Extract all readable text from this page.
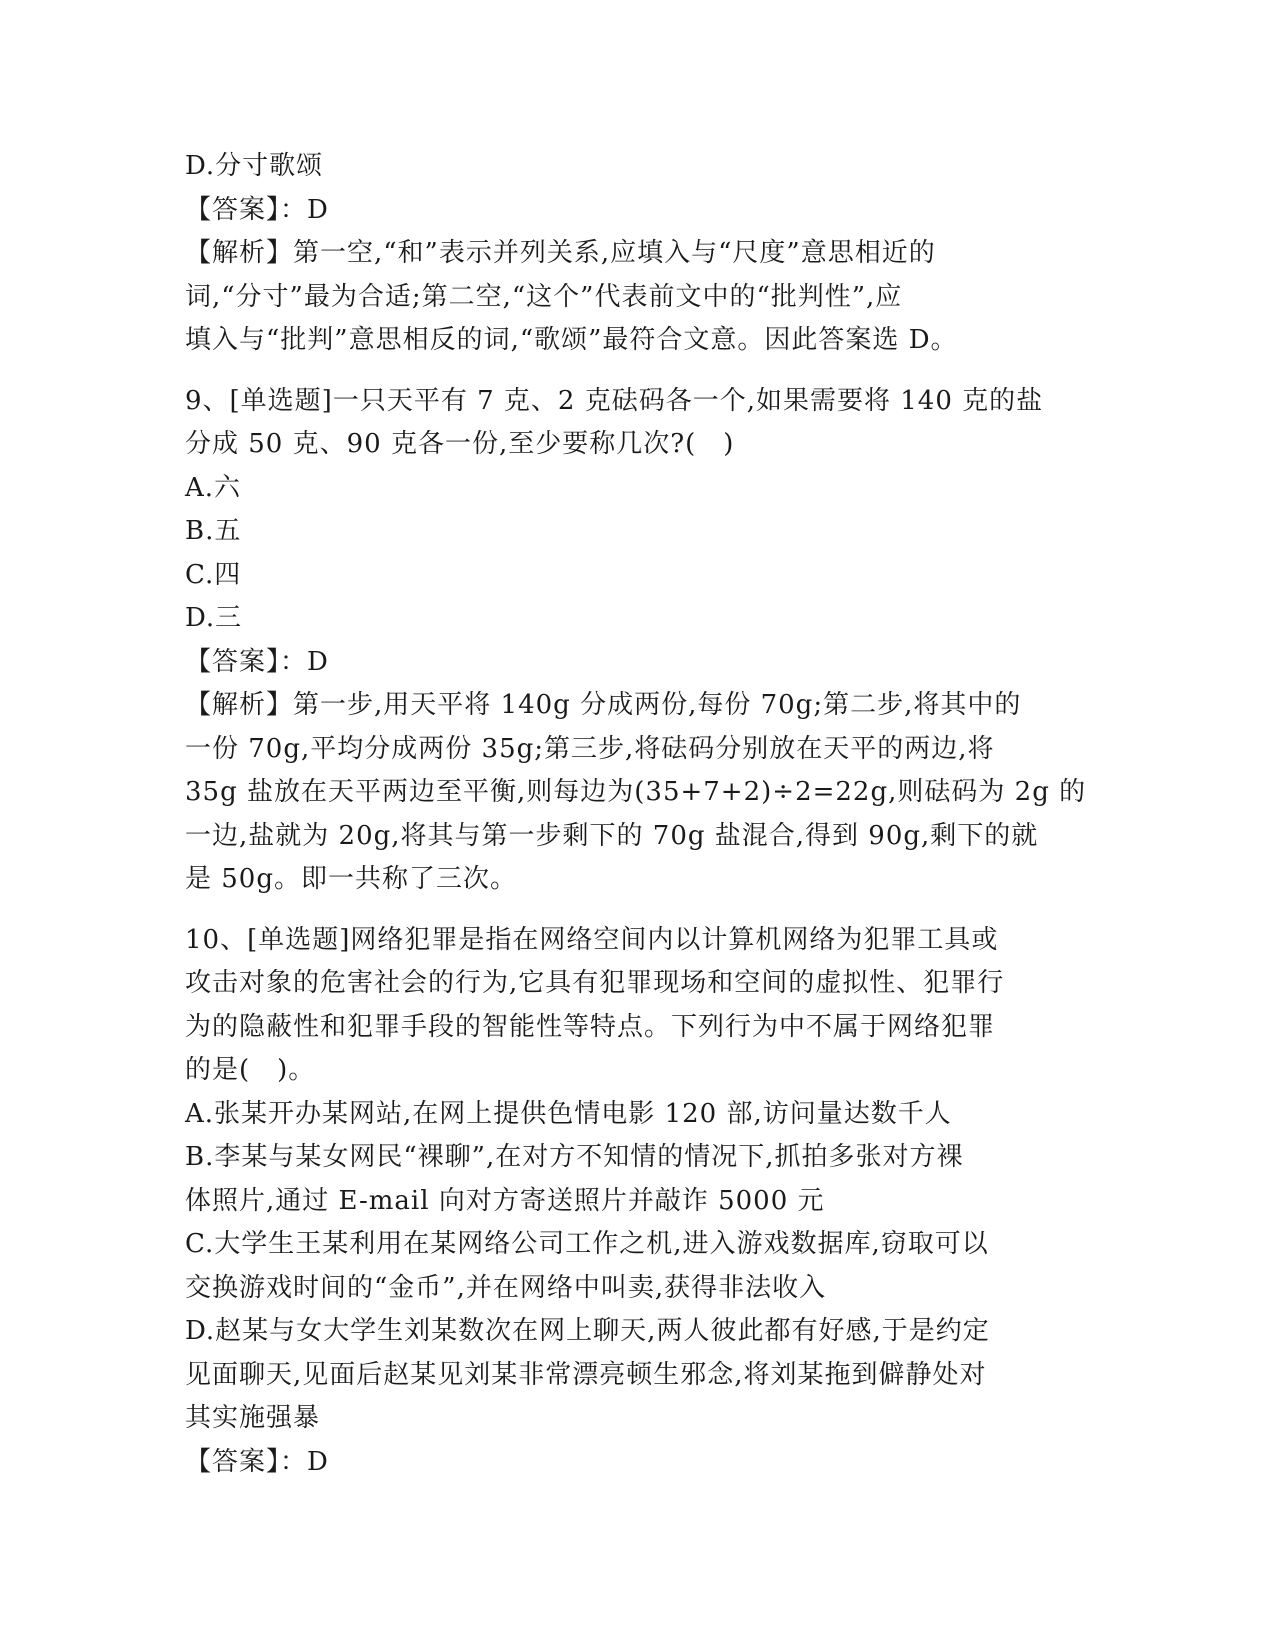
D.分寸歌颂
【答案】：D
【解析】第一空,“和”表示并列关系,应填入与“尺度”意思相近的
词,“分寸”最为合适;第二空,“这个”代表前文中的“批判性”,应
填入与“批判”意思相反的词,“歌颂”最符合文意。因此答案选 D。
9、[单选题]一只天平有 7 克、2 克砝码各一个,如果需要将 140 克的盐
分成 50 克、90 克各一份,至少要称几次?( )
A.六
B.五
C.四
D.三
【答案】：D
【解析】第一步,用天平将 140g 分成两份,每份 70g;第二步,将其中的
一份 70g,平均分成两份 35g;第三步,将砝码分别放在天平的两边,将
35g 盐放在天平两边至平衡,则每边为(35+7+2)÷2=22g,则砝码为 2g 的
一边,盐就为 20g,将其与第一步剩下的 70g 盐混合,得到 90g,剩下的就
是 50g。即一共称了三次。
10、[单选题]网络犯罪是指在网络空间内以计算机网络为犯罪工具或
攻击对象的危害社会的行为,它具有犯罪现场和空间的虚拟性、犯罪行
为的隐蔽性和犯罪手段的智能性等特点。下列行为中不属于网络犯罪
的是( )。
A.张某开办某网站,在网上提供色情电影 120 部,访问量达数千人
B.李某与某女网民“裸聊”,在对方不知情的情况下,抓拍多张对方裸
体照片,通过 E-mail 向对方寄送照片并敲诈 5000 元
C.大学生王某利用在某网络公司工作之机,进入游戏数据库,窃取可以
交换游戏时间的“金币”,并在网络中叫卖,获得非法收入
D.赵某与女大学生刘某数次在网上聊天,两人彼此都有好感,于是约定
见面聊天,见面后赵某见刘某非常漂亮顿生邪念,将刘某拖到僻静处对
其实施强暴
【答案】：D
